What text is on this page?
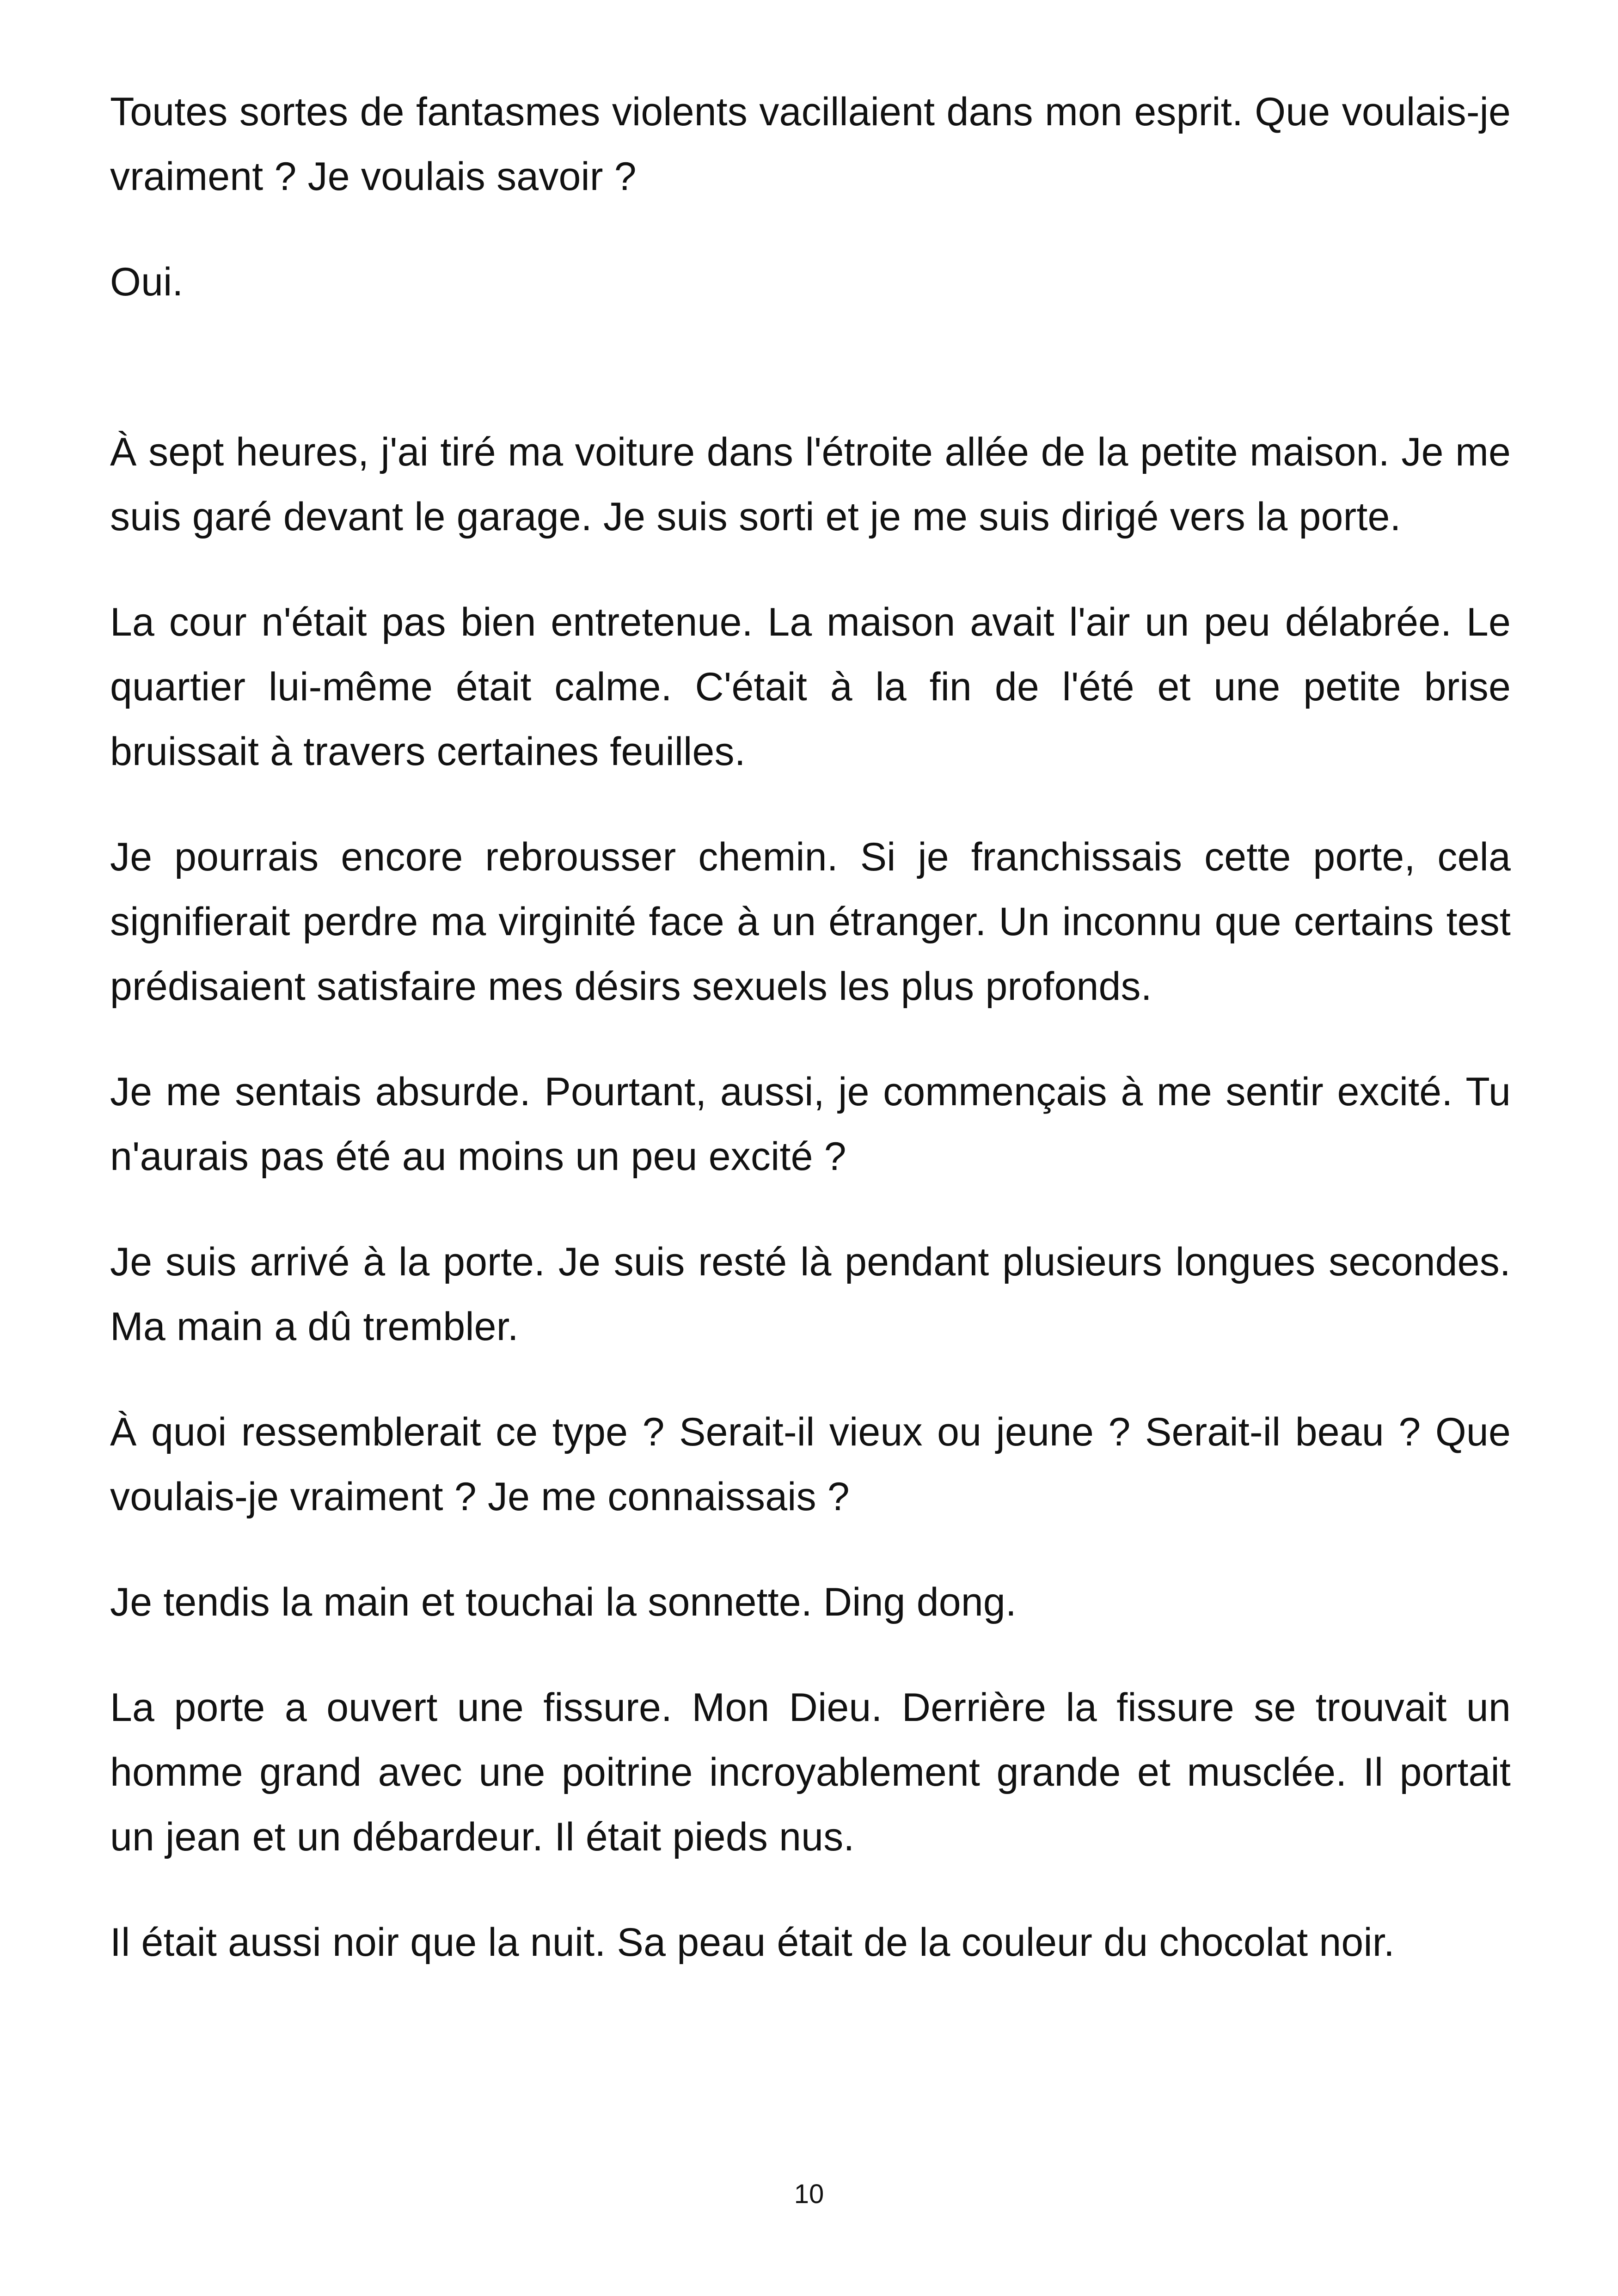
Toutes sortes de fantasmes violents vacillaient dans mon esprit. Que voulais-je vraiment ? Je voulais savoir ?

Oui.

À sept heures, j'ai tiré ma voiture dans l'étroite allée de la petite maison. Je me suis garé devant le garage. Je suis sorti et je me suis dirigé vers la porte.

La cour n'était pas bien entretenue. La maison avait l'air un peu délabrée. Le quartier lui-même était calme. C'était à la fin de l'été et une petite brise bruissait à travers certaines feuilles.

Je pourrais encore rebrousser chemin. Si je franchissais cette porte, cela signifierait perdre ma virginité face à un étranger. Un inconnu que certains test prédisaient satisfaire mes désirs sexuels les plus profonds.

Je me sentais absurde. Pourtant, aussi, je commençais à me sentir excité. Tu n'aurais pas été au moins un peu excité ?

Je suis arrivé à la porte. Je suis resté là pendant plusieurs longues secondes. Ma main a dû trembler.

À quoi ressemblerait ce type ? Serait-il vieux ou jeune ? Serait-il beau ? Que voulais-je vraiment ? Je me connaissais ?

Je tendis la main et touchai la sonnette. Ding dong.

La porte a ouvert une fissure. Mon Dieu. Derrière la fissure se trouvait un homme grand avec une poitrine incroyablement grande et musclée. Il portait un jean et un débardeur. Il était pieds nus.

Il était aussi noir que la nuit. Sa peau était de la couleur du chocolat noir.

10
